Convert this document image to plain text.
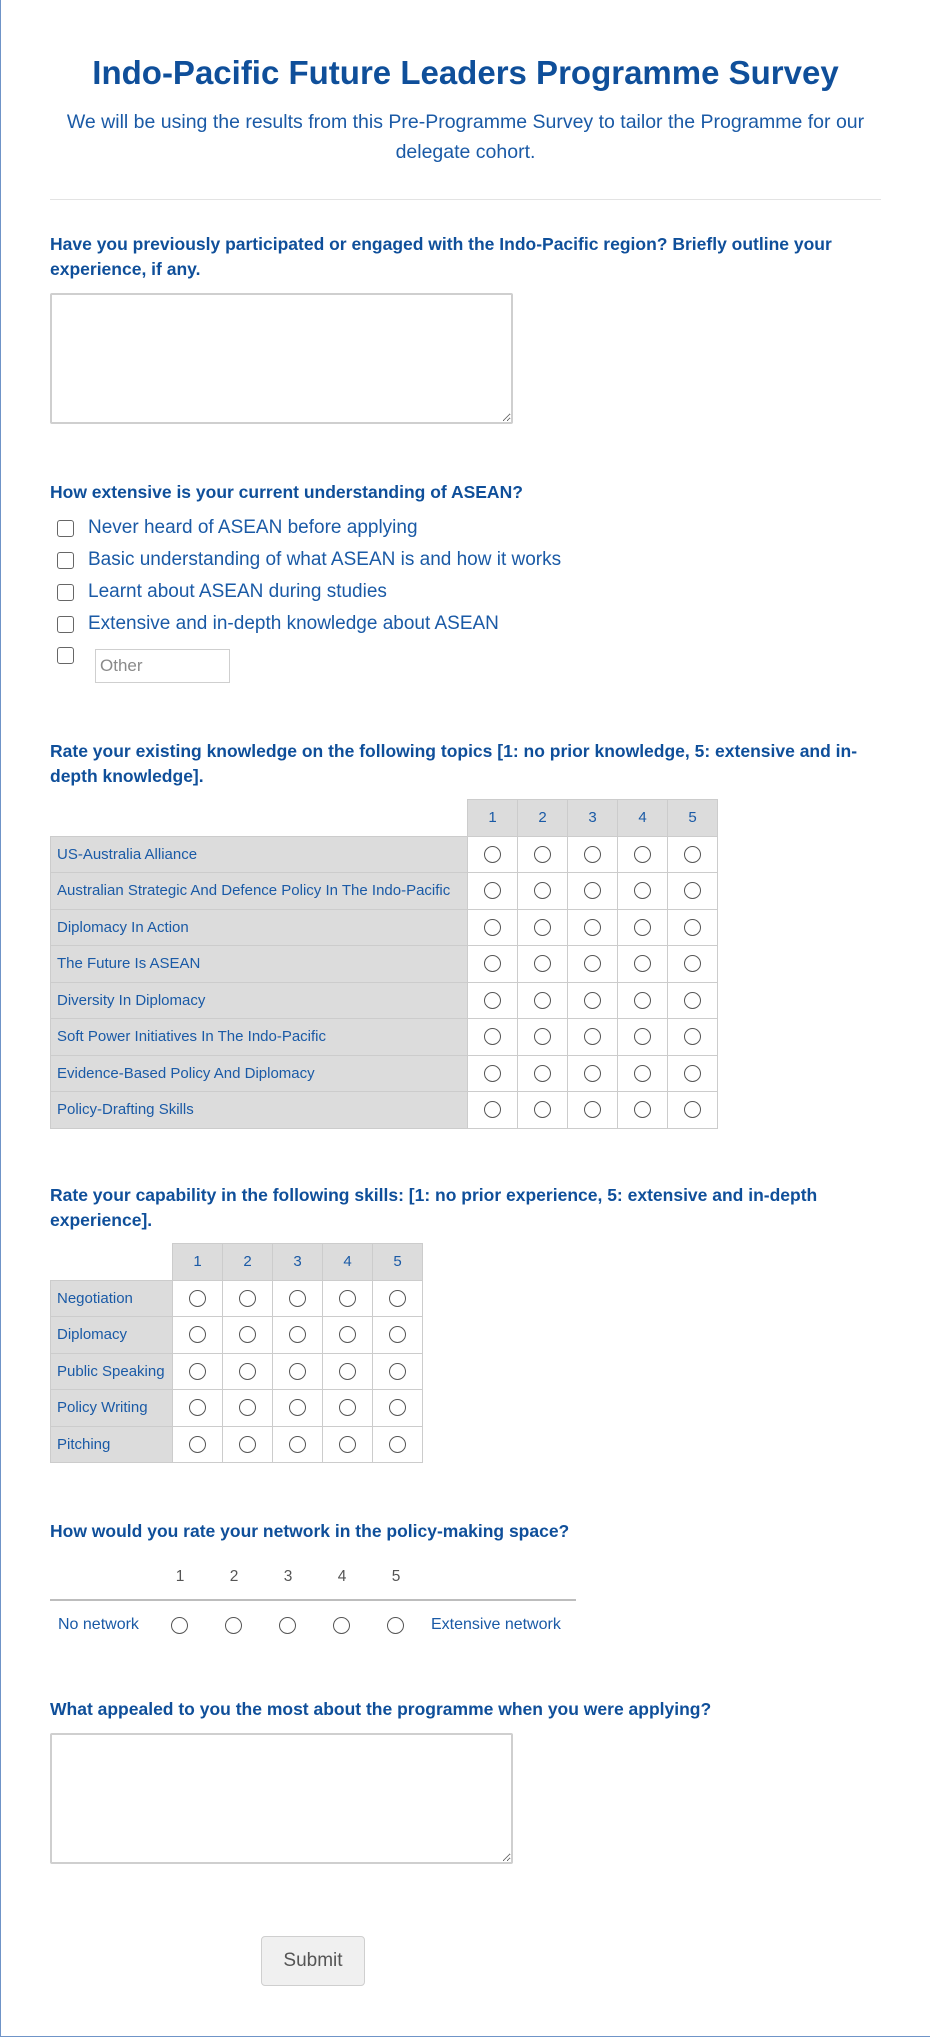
Indo-Pacific Future Leaders Programme Survey
We will be using the results from this Pre-Programme Survey to tailor the Programme for our delegate cohort.
Have you previously participated or engaged with the Indo-Pacific region? Briefly outline your experience, if any.
How extensive is your current understanding of ASEAN?
Never heard of ASEAN before applying
Basic understanding of what ASEAN is and how it works
Learnt about ASEAN during studies
Extensive and in-depth knowledge about ASEAN
Other
Rate your existing knowledge on the following topics [1: no prior knowledge, 5: extensive and in-depth knowledge].
	1	2	3	4	5
US-Australia Alliance					
Australian Strategic And Defence Policy In The Indo-Pacific					
Diplomacy In Action					
The Future Is ASEAN					
Diversity In Diplomacy					
Soft Power Initiatives In The Indo-Pacific					
Evidence-Based Policy And Diplomacy					
Policy-Drafting Skills					
Rate your capability in the following skills: [1: no prior experience, 5: extensive and in-depth experience].
	1	2	3	4	5
Negotiation					
Diplomacy					
Public Speaking					
Policy Writing					
Pitching					
How would you rate your network in the policy-making space?
1	2	3	4	5
No network	Extensive network
What appealed to you the most about the programme when you were applying?
Submit
